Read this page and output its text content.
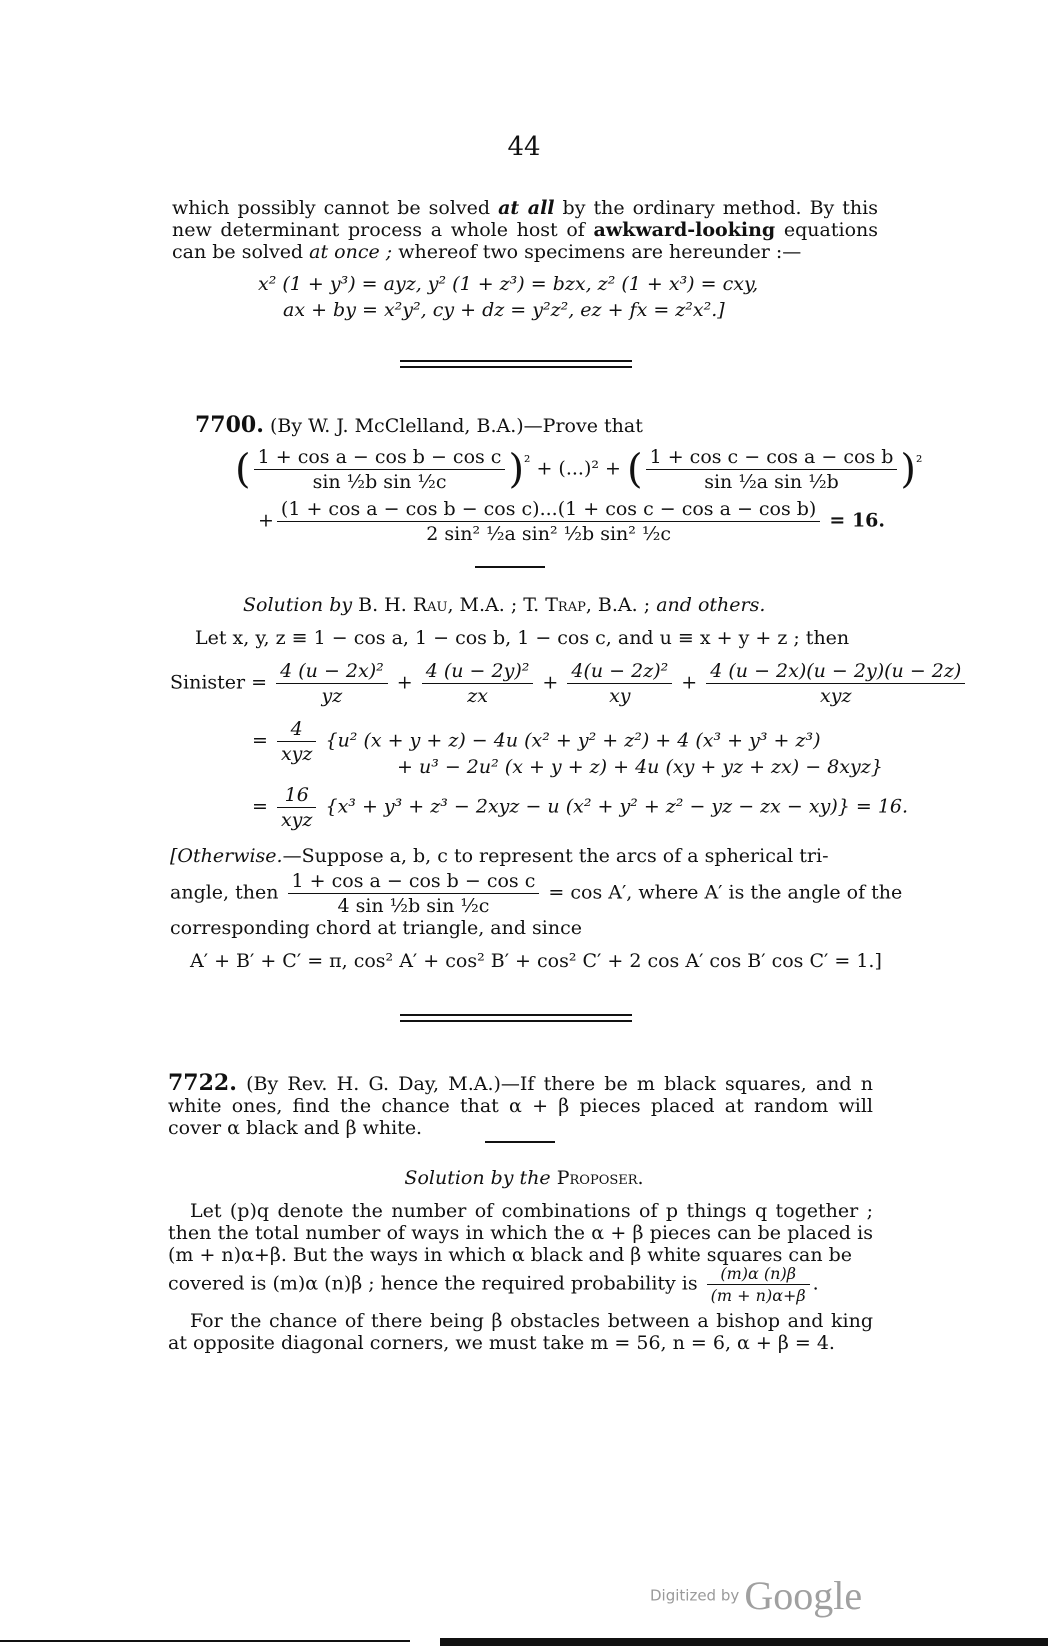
44
which possibly cannot be solved at all by the ordinary method. By this new determinant process a whole host of awkward-looking equations can be solved at once ; whereof two specimens are hereunder :—
x² (1 + y³) = ayz, y² (1 + z³) = bzx, z² (1 + x³) = cxy,
ax + by = x²y², cy + dz = y²z², ez + fx = z²x².]
7700. (By W. J. McClelland, B.A.)—Prove that
( $\frac{\text{1 + cos a − cos b − cos c}}{\text{sin ½b sin ½c}} )^{^2} + (...)^2$ + ( $\frac{\text{1 + cos c − cos a − cos b}}{\text{sin ½a sin ½b}} )^{^2}$
+ $\frac{\text{(1 + cos a − cos b − cos c)...(1 + cos c − cos a − cos b)}}{\text{2 sin² ½a sin² ½b sin² ½c}} = 16$.
Solution by B. H. Rau, M.A. ; T. Trap, B.A. ; and others.
Let x, y, z ≡ 1 − cos a, 1 − cos b, 1 − cos c, and u ≡ x + y + z ; then
Sinister = $\frac{\text{4 (u − 2x)²}}{yz} + \frac{\text{4 (u − 2y)²}}{zx} + \frac{\text{4(u − 2z)²}}{xy} + \frac{4 (u - 2x)(u - 2y)(u - 2z)}{\text{xyz}}$
= $\frac{4}{\text{xyz}} \{u^2$ (x + y + z) − 4u (x² + y² + z²) + 4 (x³ + y³ + z³)
+ u³ − 2u² (x + y + z) + 4u (xy + yz + zx) − 8xyz}
= $\frac{16}{\text{xyz}} \{x^3 + y^3 + z^3 - 2xyz - u$ (x² + y² + z² − yz − zx − xy)} = 16.
[Otherwise.—Suppose a, b, c to represent the arcs of a spherical tri-
angle, then $\frac{\text{1 + cos a − cos b − cos c}}{\text{4 sin ½b sin ½c}} = \cos A'$, where A′ is the angle of the
corresponding chord at triangle, and since
A′ + B′ + C′ = π, cos² A′ + cos² B′ + cos² C′ + 2 cos A′ cos B′ cos C′ = 1.]
7722. (By Rev. H. G. Day, M.A.)—If there be m black squares, and n white ones, find the chance that α + β pieces placed at random will cover α black and β white.
Solution by the Proposer.
Let (p)q denote the number of combinations of p things q together ; then the total number of ways in which the α + β pieces can be placed is (m + n)α+β. But the ways in which α black and β white squares can be
covered is (m)α (n)β ; hence the required probability is $\frac{(m)\alpha (n)\beta}{(m + n)\alpha+\beta}$ .
For the chance of there being β obstacles between a bishop and king at opposite diagonal corners, we must take m = 56, n = 6, α + β = 4.
Digitized by Google
